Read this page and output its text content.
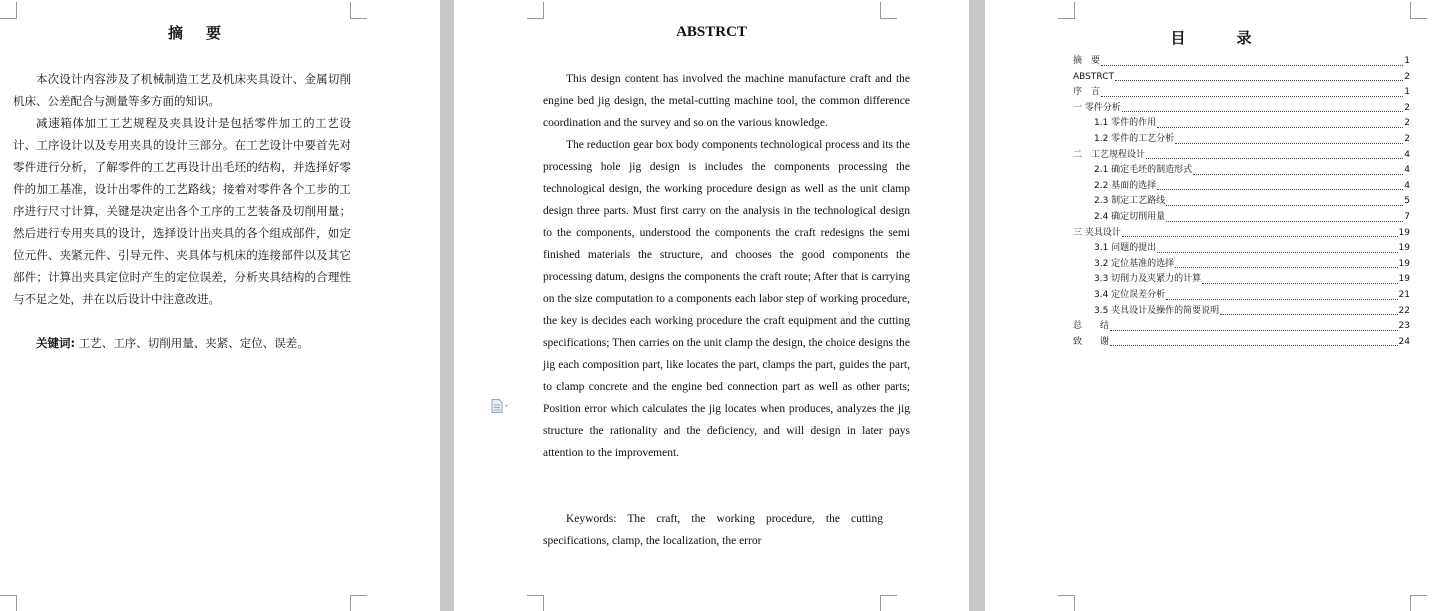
摘　要

本次设计内容涉及了机械制造工艺及机床夹具设计、金属切削机床、公差配合与测量等多方面的知识。

减速箱体加工工艺规程及夹具设计是包括零件加工的工艺设计、工序设计以及专用夹具的设计三部分。在工艺设计中要首先对零件进行分析，了解零件的工艺再设计出毛坯的结构，并选择好零件的加工基准，设计出零件的工艺路线；接着对零件各个工步的工序进行尺寸计算，关键是决定出各个工序的工艺装备及切削用量；然后进行专用夹具的设计，选择设计出夹具的各个组成部件，如定位元件、夹紧元件、引导元件、夹具体与机床的连接部件以及其它部件；计算出夹具定位时产生的定位误差，分析夹具结构的合理性与不足之处，并在以后设计中注意改进。

关键词: 工艺、工序、切削用量、夹紧、定位、误差。
ABSTRCT

This design content has involved the machine manufacture craft and the engine bed jig design, the metal-cutting machine tool, the common difference coordination and the survey and so on the various knowledge.

The reduction gear box body components technological process and its the processing hole jig design is includes the components processing the technological design, the working procedure design as well as the unit clamp design three parts. Must first carry on the analysis in the technological design to the components, understood the components the craft redesigns the semi finished materials the structure, and chooses the good components the processing datum, designs the components the craft route; After that is carrying on the size computation to a components each labor step of working procedure, the key is decides each working procedure the craft equipment and the cutting specifications; Then carries on the unit clamp the design, the choice designs the jig each composition part, like locates the part, clamps the part, guides the part, to clamp concrete and the engine bed connection part as well as other parts; Position error which calculates the jig locates when produces, analyzes the jig structure the rationality and the deficiency, and will design in later pays attention to the improvement.

Keywords: The craft, the working procedure, the cutting specifications, clamp, the localization, the error
目　录
摘　要	1
ABSTRCT	2
序　言	1
一 零件分析	2
1.1 零件的作用	2
1.2 零件的工艺分析	2
二　工艺规程设计	4
2.1 确定毛坯的制造形式	4
2.2 基面的选择	4
2.3 制定工艺路线	5
2.4 确定切削用量	7
三 夹具设计	19
3.1 问题的提出	19
3.2 定位基准的选择	19
3.3 切削力及夹紧力的计算	19
3.4 定位误差分析	21
3.5 夹具设计及操作的简要说明	22
总　　结	23
致　　谢	24
